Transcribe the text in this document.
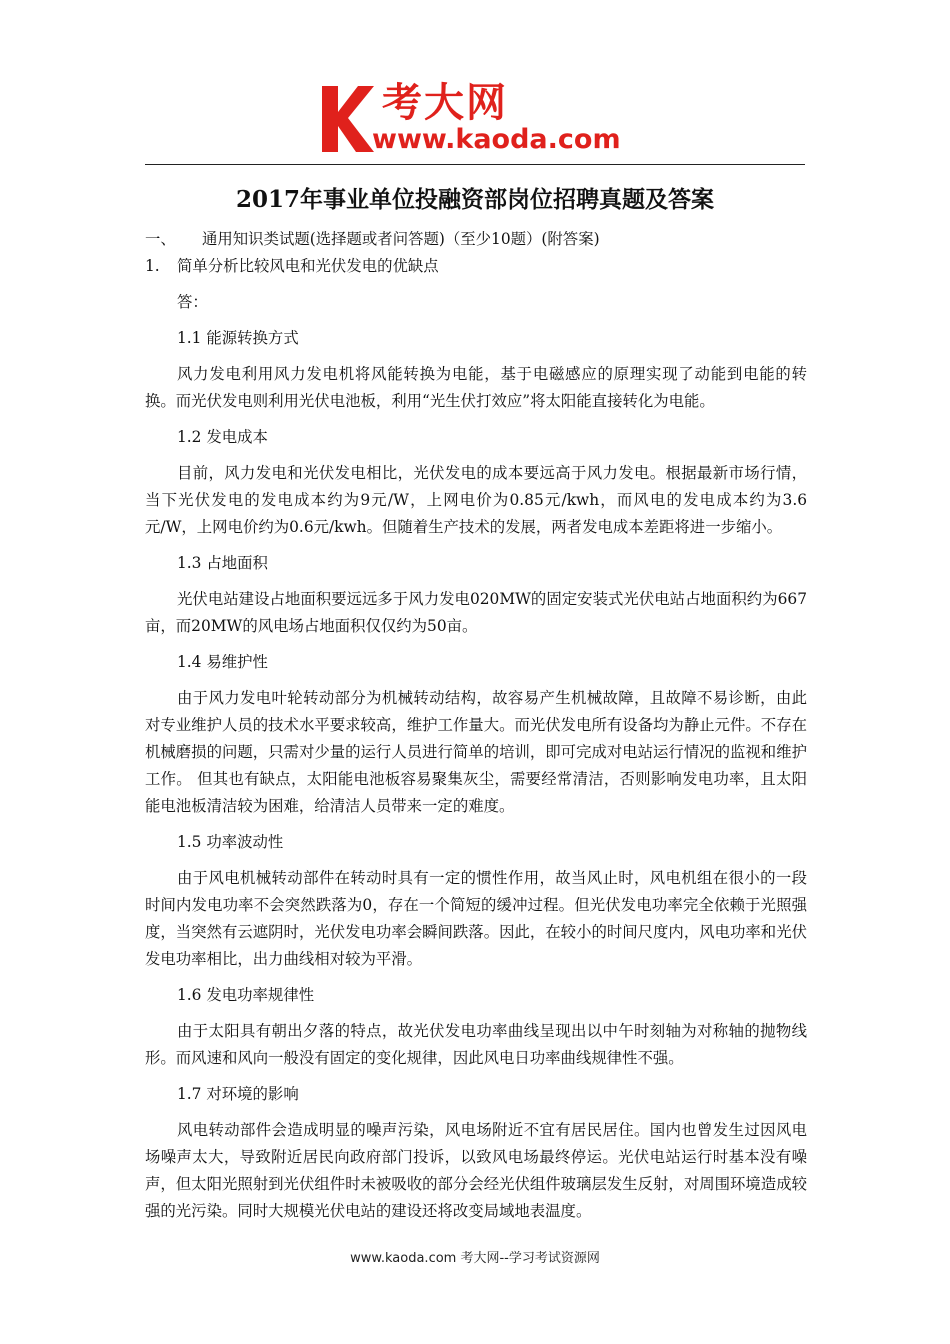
考大网
www.kaoda.com
2017年事业单位投融资部岗位招聘真题及答案
一、	通用知识类试题(选择题或者问答题)（至少10题）(附答案)
1.	简单分析比较风电和光伏发电的优缺点

答：

1.1 能源转换方式

风力发电利用风力发电机将风能转换为电能，基于电磁感应的原理实现了动能到电能的转换。而光伏发电则利用光伏电池板，利用“光生伏打效应”将太阳能直接转化为电能。

1.2 发电成本

目前，风力发电和光伏发电相比，光伏发电的成本要远高于风力发电。根据最新市场行情，当下光伏发电的发电成本约为9元/W，上网电价为0.85元/kwh，而风电的发电成本约为3.6元/W，上网电价约为0.6元/kwh。但随着生产技术的发展，两者发电成本差距将进一步缩小。

1.3 占地面积

光伏电站建设占地面积要远远多于风力发电020MW的固定安装式光伏电站占地面积约为667亩，而20MW的风电场占地面积仅仅约为50亩。

1.4 易维护性

由于风力发电叶轮转动部分为机械转动结构，故容易产生机械故障，且故障不易诊断，由此对专业维护人员的技术水平要求较高，维护工作量大。而光伏发电所有设备均为静止元件。不存在机械磨损的问题，只需对少量的运行人员进行简单的培训，即可完成对电站运行情况的监视和维护工作。 但其也有缺点，太阳能电池板容易聚集灰尘，需要经常清洁，否则影响发电功率，且太阳能电池板清洁较为困难，给清洁人员带来一定的难度。

1.5 功率波动性

由于风电机械转动部件在转动时具有一定的惯性作用，故当风止时，风电机组在很小的一段时间内发电功率不会突然跌落为0，存在一个简短的缓冲过程。但光伏发电功率完全依赖于光照强度，当突然有云遮阴时，光伏发电功率会瞬间跌落。因此，在较小的时间尺度内，风电功率和光伏发电功率相比，出力曲线相对较为平滑。

1.6 发电功率规律性

由于太阳具有朝出夕落的特点，故光伏发电功率曲线呈现出以中午时刻轴为对称轴的抛物线形。而风速和风向一般没有固定的变化规律，因此风电日功率曲线规律性不强。

1.7 对环境的影响

风电转动部件会造成明显的噪声污染，风电场附近不宜有居民居住。国内也曾发生过因风电场噪声太大，导致附近居民向政府部门投诉，以致风电场最终停运。光伏电站运行时基本没有噪声，但太阳光照射到光伏组件时未被吸收的部分会经光伏组件玻璃层发生反射，对周围环境造成较强的光污染。同时大规模光伏电站的建设还将改变局域地表温度。

www.kaoda.com 考大网--学习考试资源网
